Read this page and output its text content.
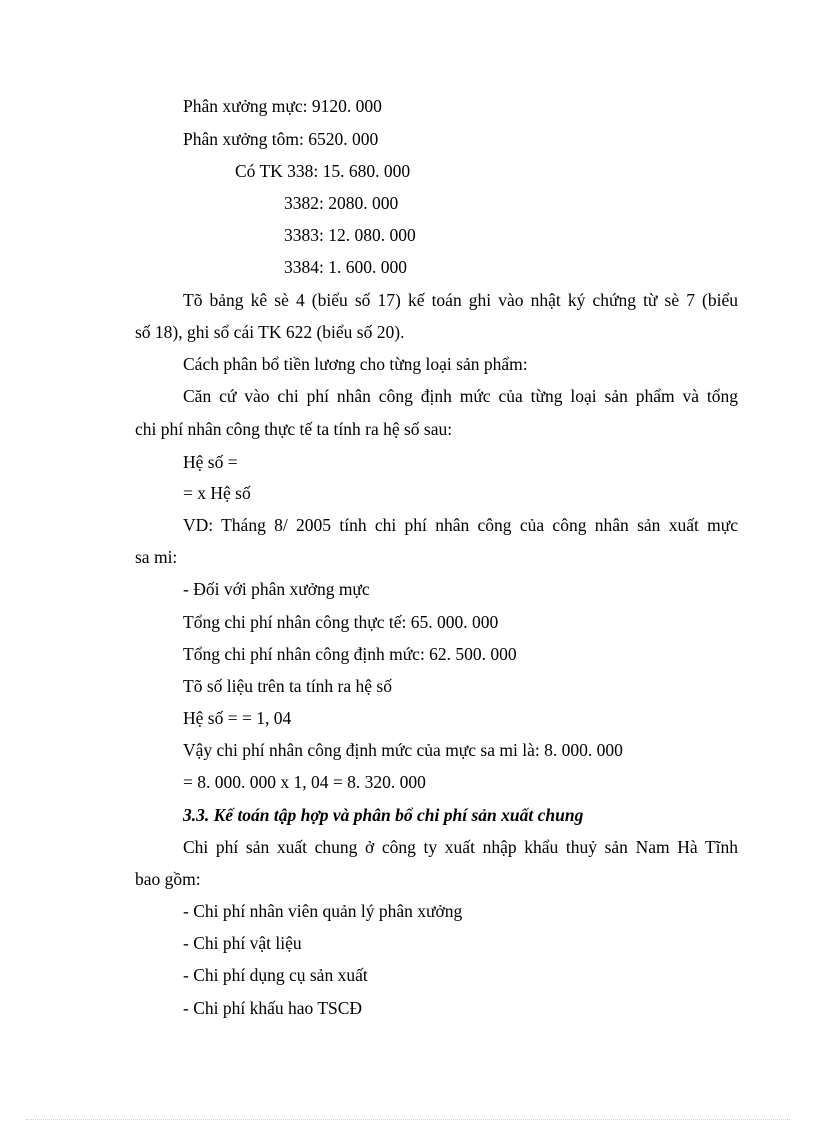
Phân xưởng mực: 9120. 000

Phân xưởng tôm: 6520. 000

Có TK 338: 15. 680. 000

3382: 2080. 000

3383: 12. 080. 000

3384: 1. 600. 000

Tõ bảng kê sè 4 (biểu số 17) kế toán ghi vào nhật ký chứng từ sè 7 (biểu

số 18), ghi sổ cái TK 622 (biểu số 20).

Cách phân bổ tiền lương cho từng loại sản phẩm:

Căn cứ vào chi phí nhân công định mức của từng loại sản phẩm và tổng

chi phí nhân công thực tế ta tính ra hệ số sau:

Hệ số =

= x Hệ số

VD: Tháng 8/ 2005 tính chi phí nhân công của công nhân sản xuất mực

sa mi:

- Đối với phân xưởng mực

Tổng chi phí nhân công thực tế: 65. 000. 000

Tổng chi phí nhân công định mức: 62. 500. 000

Tõ số liệu trên ta tính ra hệ số

Hệ số = = 1, 04

Vậy chi phí nhân công định mức của mực sa mi là: 8. 000. 000

= 8. 000. 000 x 1, 04 = 8. 320. 000

3.3. Kế toán tập hợp và phân bổ chi phí sản xuất chung

Chi phí sản xuất chung ở công ty xuất nhập khẩu thuỷ sản Nam Hà Tĩnh

bao gồm:

- Chi phí nhân viên quản lý phân xưởng

- Chi phí vật liệu

- Chi phí dụng cụ sản xuất

- Chi phí khấu hao TSCĐ
